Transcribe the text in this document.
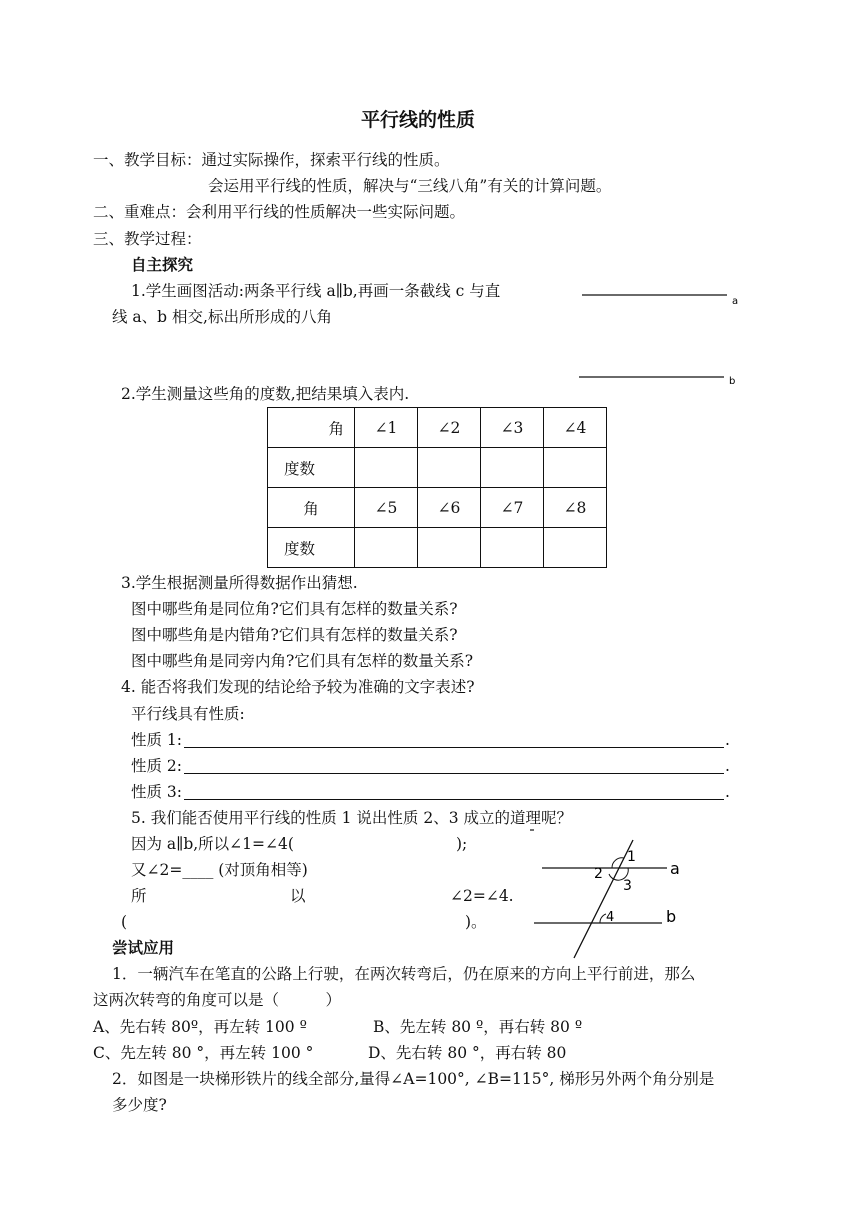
平行线的性质
一、教学目标：通过实际操作，探索平行线的性质。
会运用平行线的性质，解决与“三线八角”有关的计算问题。
二、重难点：会利用平行线的性质解决一些实际问题。
三、教学过程：
自主探究
1.学生画图活动:两条平行线 a∥b,再画一条截线 c 与直
线 a、b 相交,标出所形成的八角
a
b
2.学生测量这些角的度数,把结果填入表内.
角	∠1	∠2	∠3	∠4
度数				
角	∠5	∠6	∠7	∠8
度数				
3.学生根据测量所得数据作出猜想.
图中哪些角是同位角?它们具有怎样的数量关系?
图中哪些角是内错角?它们具有怎样的数量关系?
图中哪些角是同旁内角?它们具有怎样的数量关系?
4. 能否将我们发现的结论给予较为准确的文字表述?
平行线具有性质:
性质 1:	.
性质 2:	.
性质 3:	.
5. 我们能否使用平行线的性质 1 说出性质 2、3 成立的道理呢？
因为 a∥b,所以∠1=∠4(	);
又∠2=____ (对顶角相等)
所	以	∠2=∠4.
(	)。
1
2
3
4
a
b
尝试应用
1．一辆汽车在笔直的公路上行驶，在两次转弯后，仍在原来的方向上平行前进，那么
这两次转弯的角度可以是（　　　）
A、先右转 80º，再左转 100 º	B、先左转 80 º，再右转 80 º
C、先左转 80 °，再左转 100 °	D、先右转 80 °，再右转 80
2．如图是一块梯形铁片的线全部分,量得∠A=100°, ∠B=115°, 梯形另外两个角分别是
多少度?
